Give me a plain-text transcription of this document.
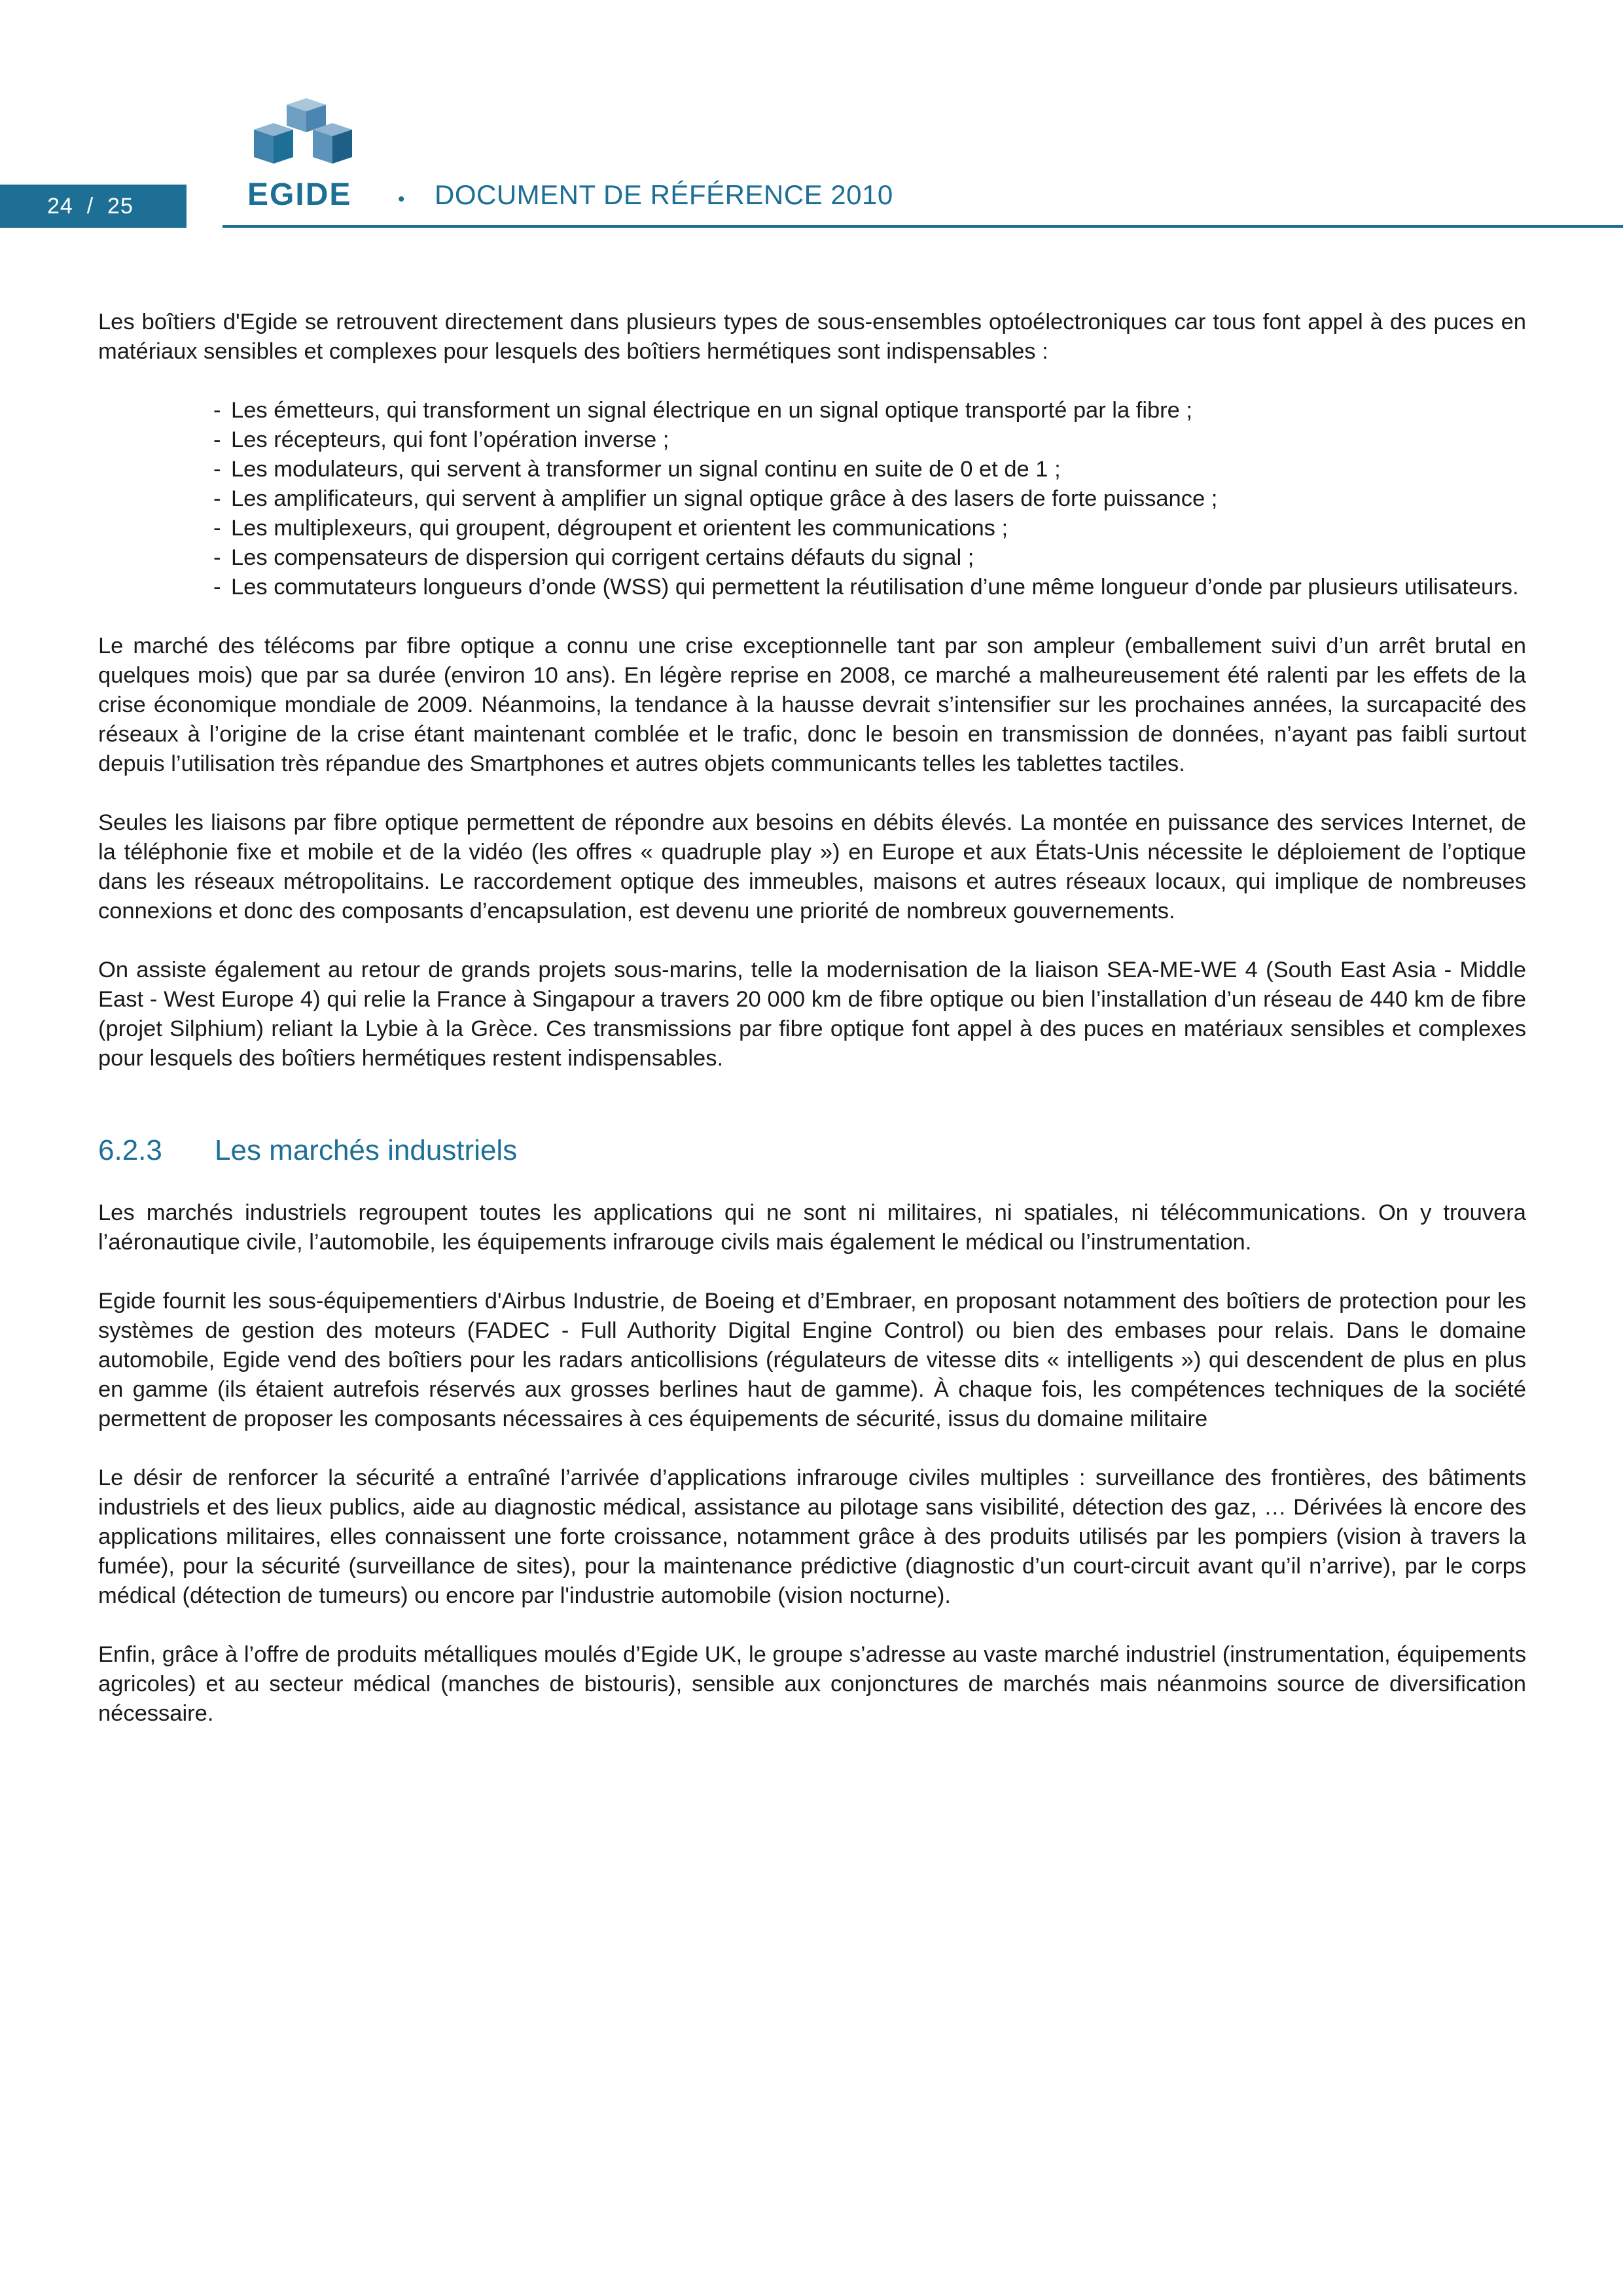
24  /  25	EGIDE	• DOCUMENT DE RÉFÉRENCE 2010

Les boîtiers d'Egide se retrouvent directement dans plusieurs types de sous-ensembles optoélectroniques car tous font appel à des puces en matériaux sensibles et complexes pour lesquels des boîtiers hermétiques sont indispensables :

- Les émetteurs, qui transforment un signal électrique en un signal optique transporté par la fibre ;
- Les récepteurs, qui font l’opération inverse ;
- Les modulateurs, qui servent à transformer un signal continu en suite de 0 et de 1 ;
- Les amplificateurs, qui servent à amplifier un signal optique grâce à des lasers de forte puissance ;
- Les multiplexeurs, qui groupent, dégroupent et orientent les communications ;
- Les compensateurs de dispersion qui corrigent certains défauts du signal ;
- Les commutateurs longueurs d’onde (WSS) qui permettent la réutilisation d’une même longueur d’onde par plusieurs utilisateurs.

Le marché des télécoms par fibre optique a connu une crise exceptionnelle tant par son ampleur (emballement suivi d’un arrêt brutal en quelques mois) que par sa durée (environ 10 ans). En légère reprise en 2008, ce marché a malheureusement été ralenti par les effets de la crise économique mondiale de 2009. Néanmoins, la tendance à la hausse devrait s’intensifier sur les prochaines années, la surcapacité des réseaux à l’origine de la crise étant maintenant comblée et le trafic, donc le besoin en transmission de données, n’ayant pas faibli surtout depuis l’utilisation très répandue des Smartphones et autres objets communicants telles les tablettes tactiles.

Seules les liaisons par fibre optique permettent de répondre aux besoins en débits élevés. La montée en puissance des services Internet, de la téléphonie fixe et mobile et de la vidéo (les offres « quadruple play ») en Europe et aux États-Unis nécessite le déploiement de l’optique dans les réseaux métropolitains. Le raccordement optique des immeubles, maisons et autres réseaux locaux, qui implique de nombreuses connexions et donc des composants d’encapsulation, est devenu une priorité de nombreux gouvernements.

On assiste également au retour de grands projets sous-marins, telle la modernisation de la liaison SEA-ME-WE 4 (South East Asia - Middle East - West Europe 4) qui relie la France à Singapour a travers 20 000 km de fibre optique ou bien l’installation d’un réseau de 440 km de fibre (projet Silphium) reliant la Lybie à la Grèce. Ces transmissions par fibre optique font appel à des puces en matériaux sensibles et complexes pour lesquels des boîtiers hermétiques restent indispensables.

6.2.3 Les marchés industriels

Les marchés industriels regroupent toutes les applications qui ne sont ni militaires, ni spatiales, ni télécommunications. On y trouvera l’aéronautique civile, l’automobile, les équipements infrarouge civils mais également le médical ou l’instrumentation.

Egide fournit les sous-équipementiers d'Airbus Industrie, de Boeing et d’Embraer, en proposant notamment des boîtiers de protection pour les systèmes de gestion des moteurs (FADEC - Full Authority Digital Engine Control) ou bien des embases pour relais. Dans le domaine automobile, Egide vend des boîtiers pour les radars anticollisions (régulateurs de vitesse dits « intelligents ») qui descendent de plus en plus en gamme (ils étaient autrefois réservés aux grosses berlines haut de gamme). À chaque fois, les compétences techniques de la société permettent de proposer les composants nécessaires à ces équipements de sécurité, issus du domaine militaire

Le désir de renforcer la sécurité a entraîné l’arrivée d’applications infrarouge civiles multiples : surveillance des frontières, des bâtiments industriels et des lieux publics, aide au diagnostic médical, assistance au pilotage sans visibilité, détection des gaz, … Dérivées là encore des applications militaires, elles connaissent une forte croissance, notamment grâce à des produits utilisés par les pompiers (vision à travers la fumée), pour la sécurité (surveillance de sites), pour la maintenance prédictive (diagnostic d’un court-circuit avant qu’il n’arrive), par le corps médical (détection de tumeurs) ou encore par l'industrie automobile (vision nocturne).

Enfin, grâce à l’offre de produits métalliques moulés d’Egide UK, le groupe s’adresse au vaste marché industriel (instrumentation, équipements agricoles) et au secteur médical (manches de bistouris), sensible aux conjonctures de marchés mais néanmoins source de diversification nécessaire.
